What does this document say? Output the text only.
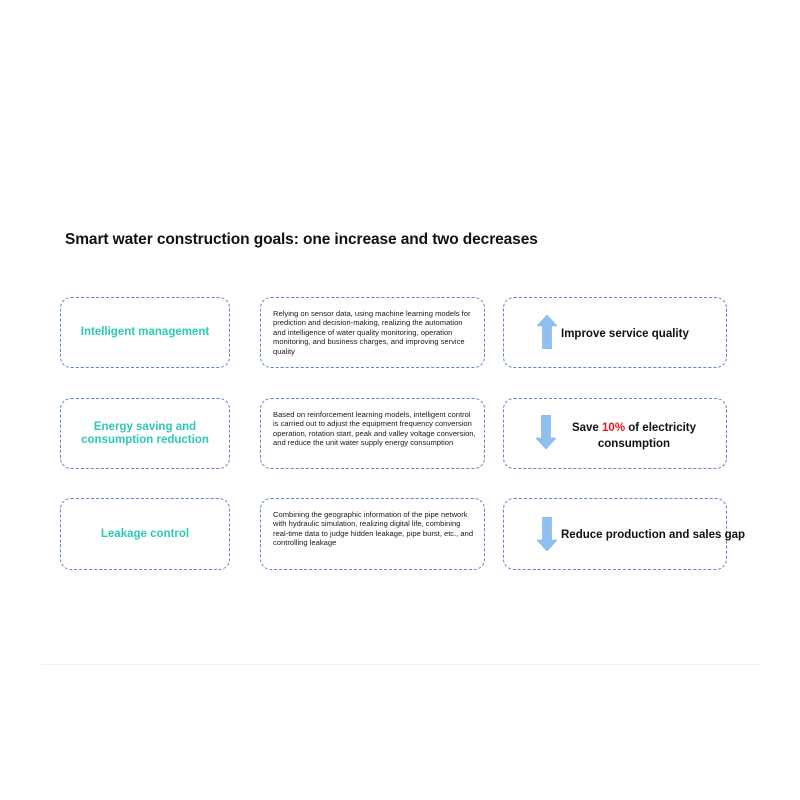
Smart water construction goals: one increase and two decreases
Intelligent management
Relying on sensor data, using machine learning models for prediction and decision-making, realizing the automation and intelligence of water quality monitoring, operation monitoring, and business charges, and improving service quality
Improve service quality
Energy saving and consumption reduction
Based on reinforcement learning models, intelligent control is carried out to adjust the equipment frequency conversion operation, rotation start, peak and valley voltage conversion, and reduce the unit water supply energy consumption
Save 10% of electricity consumption
Leakage control
Combining the geographic information of the pipe network with hydraulic simulation, realizing digital life, combining real-time data to judge hidden leakage, pipe burst, etc., and controlling leakage
Reduce production and sales gap
